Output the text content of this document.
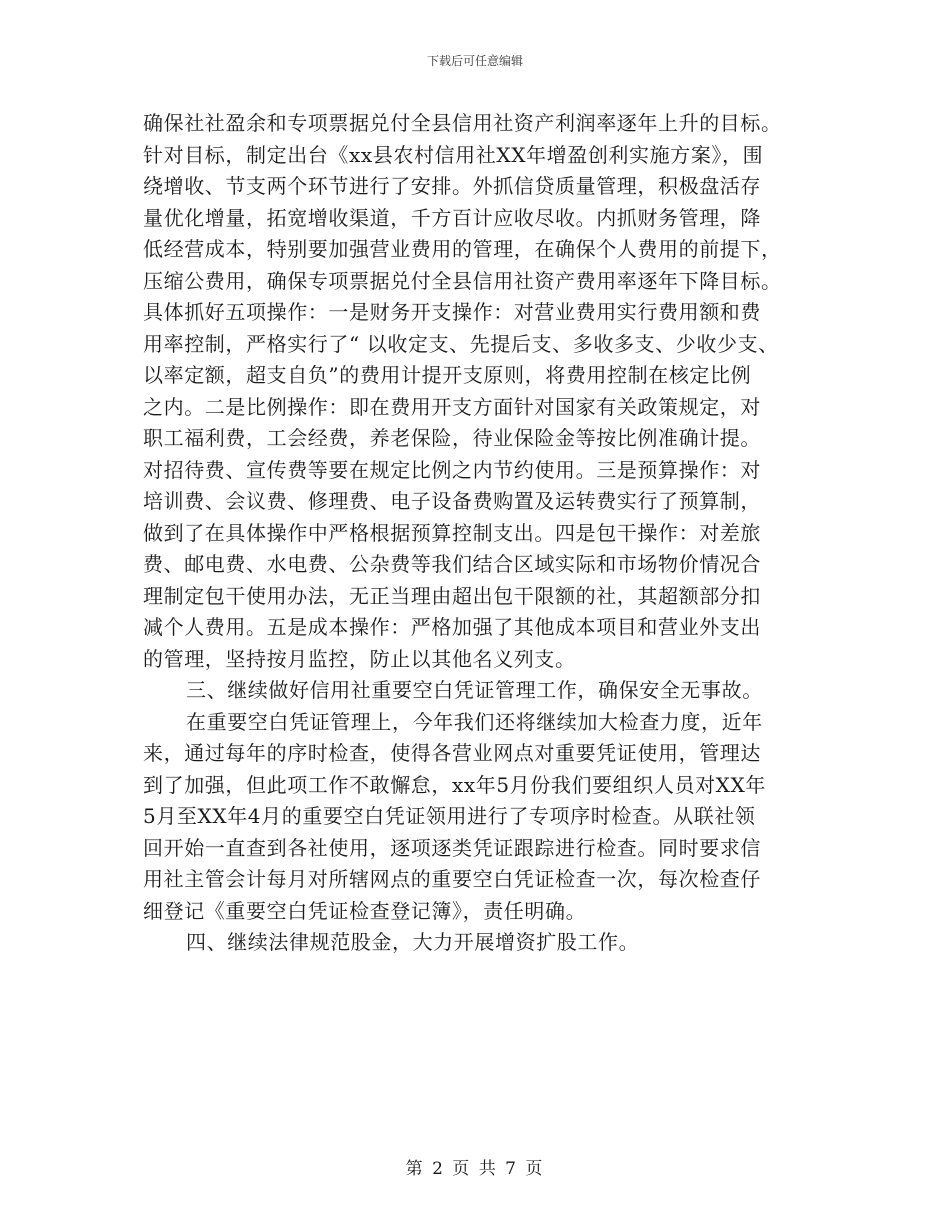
下载后可任意编辑
确保社社盈余和专项票据兑付全县信用社资产利润率逐年上升的目标。
针对目标，制定出台《xx县农村信用社XX年增盈创利实施方案》，围
绕增收、节支两个环节进行了安排。外抓信贷质量管理，积极盘活存
量优化增量，拓宽增收渠道，千方百计应收尽收。内抓财务管理，降
低经营成本，特别要加强营业费用的管理，在确保个人费用的前提下，
压缩公费用，确保专项票据兑付全县信用社资产费用率逐年下降目标。
具体抓好五项操作：一是财务开支操作：对营业费用实行费用额和费
用率控制，严格实行了“ 以收定支、先提后支、多收多支、少收少支、
以率定额，超支自负”的费用计提开支原则，将费用控制在核定比例
之内。二是比例操作：即在费用开支方面针对国家有关政策规定，对
职工福利费，工会经费，养老保险，待业保险金等按比例准确计提。
对招待费、宣传费等要在规定比例之内节约使用。三是预算操作：对
培训费、会议费、修理费、电子设备费购置及运转费实行了预算制，
做到了在具体操作中严格根据预算控制支出。四是包干操作：对差旅
费、邮电费、水电费、公杂费等我们结合区域实际和市场物价情况合
理制定包干使用办法，无正当理由超出包干限额的社，其超额部分扣
减个人费用。五是成本操作：严格加强了其他成本项目和营业外支出
的管理，坚持按月监控，防止以其他名义列支。
三、继续做好信用社重要空白凭证管理工作，确保安全无事故。
在重要空白凭证管理上，今年我们还将继续加大检查力度，近年
来，通过每年的序时检查，使得各营业网点对重要凭证使用，管理达
到了加强，但此项工作不敢懈怠，xx年5月份我们要组织人员对XX年
5月至XX年4月的重要空白凭证领用进行了专项序时检查。从联社领
回开始一直查到各社使用，逐项逐类凭证跟踪进行检查。同时要求信
用社主管会计每月对所辖网点的重要空白凭证检查一次，每次检查仔
细登记《重要空白凭证检查登记簿》，责任明确。
四、继续法律规范股金，大力开展增资扩股工作。
第 2 页 共 7 页
